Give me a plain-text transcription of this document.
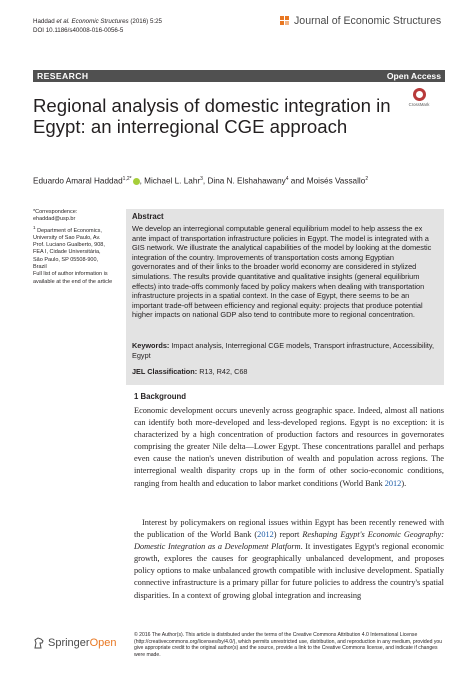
Haddad et al. Economic Structures (2016) 5:25
DOI 10.1186/s40008-016-0056-5
Journal of Economic Structures
RESEARCH	Open Access
Regional analysis of domestic integration in Egypt: an interregional CGE approach
CrossMark
Eduardo Amaral Haddad$^{1,2*}$ , Michael L. Lahr$^3$, Dina N. Elshahawany$^4$ and Moisés Vassallo$^2$

*Correspondence:

ehaddad@usp.br

$^1$ Department of Economics,

University of Sao Paulo, Av.

Prof. Luciano Gualberto, 908,

FEA I, Cidade Universitária,

São Paulo, SP 05508-900,

Brazil

Full list of author information is available at the end of the article

Abstract
We develop an interregional computable general equilibrium model to help assess the ex ante impact of transportation infrastructure policies in Egypt. The model is integrated with a GIS network. We illustrate the analytical capabilities of the model by looking at the domestic integration of the country. Improvements of transportation costs among Egyptian governorates and of their links to the broader world economy are considered in stylized simulations. The results provide quantitative and qualitative insights (general equilibrium effects) into trade-offs commonly faced by policy makers when dealing with transportation infrastructure projects in a spatial context. In the case of Egypt, there seems to be an important trade-off between efficiency and regional equity: projects that produce potential higher impacts on national GDP also tend to contribute more to regional concentration.
Keywords: Impact analysis, Interregional CGE models, Transport infrastructure, Accessibility, Egypt
JEL Classification: R13, R42, C68
1 Background
Economic development occurs unevenly across geographic space. Indeed, almost all nations can identify both more-developed and less-developed regions. Egypt is no exception: it is characterized by a high concentration of production factors and resources in governorates comprising the greater Nile delta—Lower Egypt. These concentrations parallel and perhaps even cause the nation's uneven distribution of wealth and population across regions. The interregional wealth disparity crops up in the form of other socio-economic conditions, ranging from health and education to labor market conditions (World Bank 2012).
Interest by policymakers on regional issues within Egypt has been recently renewed with the publication of the World Bank (2012) report Reshaping Egypt's Economic Geography: Domestic Integration as a Development Platform. It investigates Egypt's regional economic growth, explores the causes for geographically unbalanced development, and proposes policy options to make unbalanced growth compatible with inclusive development. Spatially connective infrastructure is a primary pillar for future policies to address the country's spatial disparities. In a context of growing global integration and increasing
SpringerOpen
© 2016 The Author(s). This article is distributed under the terms of the Creative Commons Attribution 4.0 International License (http://creativecommons.org/licenses/by/4.0/), which permits unrestricted use, distribution, and reproduction in any medium, provided you give appropriate credit to the original author(s) and the source, provide a link to the Creative Commons license, and indicate if changes were made.
